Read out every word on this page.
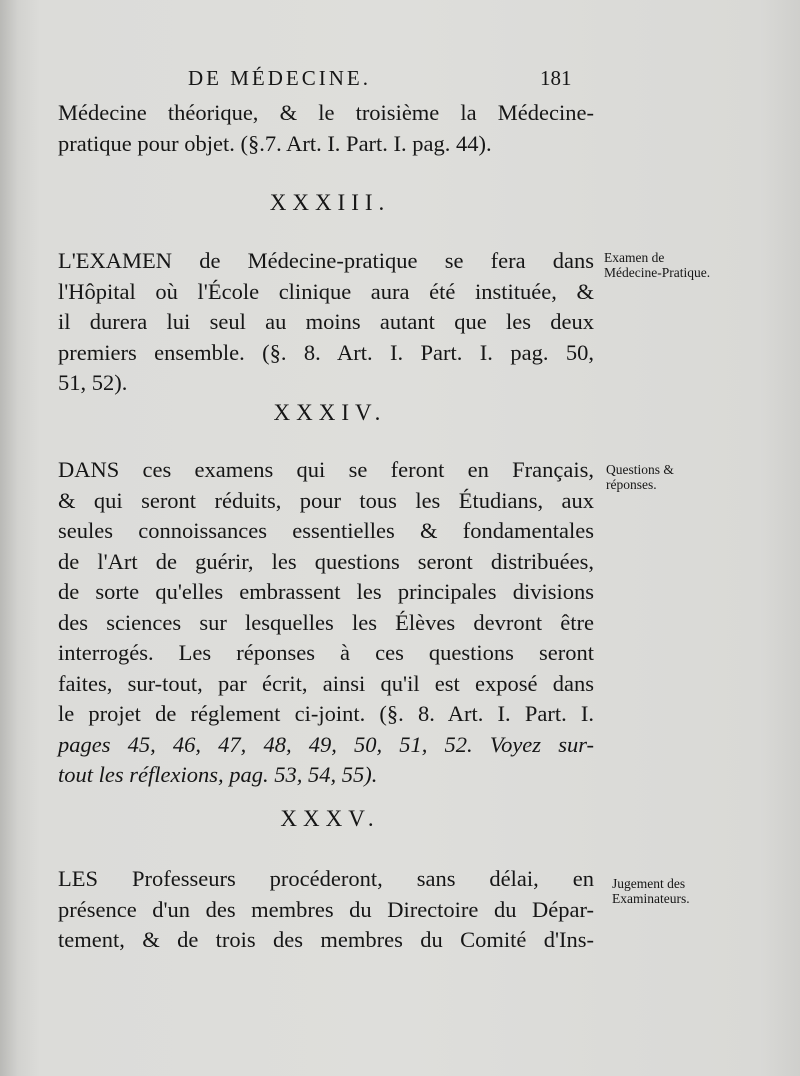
DE MÉDECINE.	181
Médecine théorique, & le troisième la Médecine-
pratique pour objet. (§.7. Art. I. Part. I. pag. 44).
XXXIII.
Examen de Médecine-Pratique.
L'EXAMEN de Médecine-pratique se fera dans
l'Hôpital où l'École clinique aura été instituée, &
il durera lui seul au moins autant que les deux
premiers ensemble. (§. 8. Art. I. Part. I. pag. 50,
51, 52).
XXXIV.
Questions & réponses.
DANS ces examens qui se feront en Français,
& qui seront réduits, pour tous les Étudians, aux
seules connoissances essentielles & fondamentales
de l'Art de guérir, les questions seront distribuées,
de sorte qu'elles embrassent les principales divisions
des sciences sur lesquelles les Élèves devront être
interrogés. Les réponses à ces questions seront
faites, sur-tout, par écrit, ainsi qu'il est exposé dans
le projet de réglement ci-joint. (§. 8. Art. I. Part. I.
pages 45, 46, 47, 48, 49, 50, 51, 52. Voyez sur-
tout les réflexions, pag. 53, 54, 55).
XXXV.
Jugement des Examinateurs.
LES Professeurs procéderont, sans délai, en
présence d'un des membres du Directoire du Dépar-
tement, & de trois des membres du Comité d'Ins-
